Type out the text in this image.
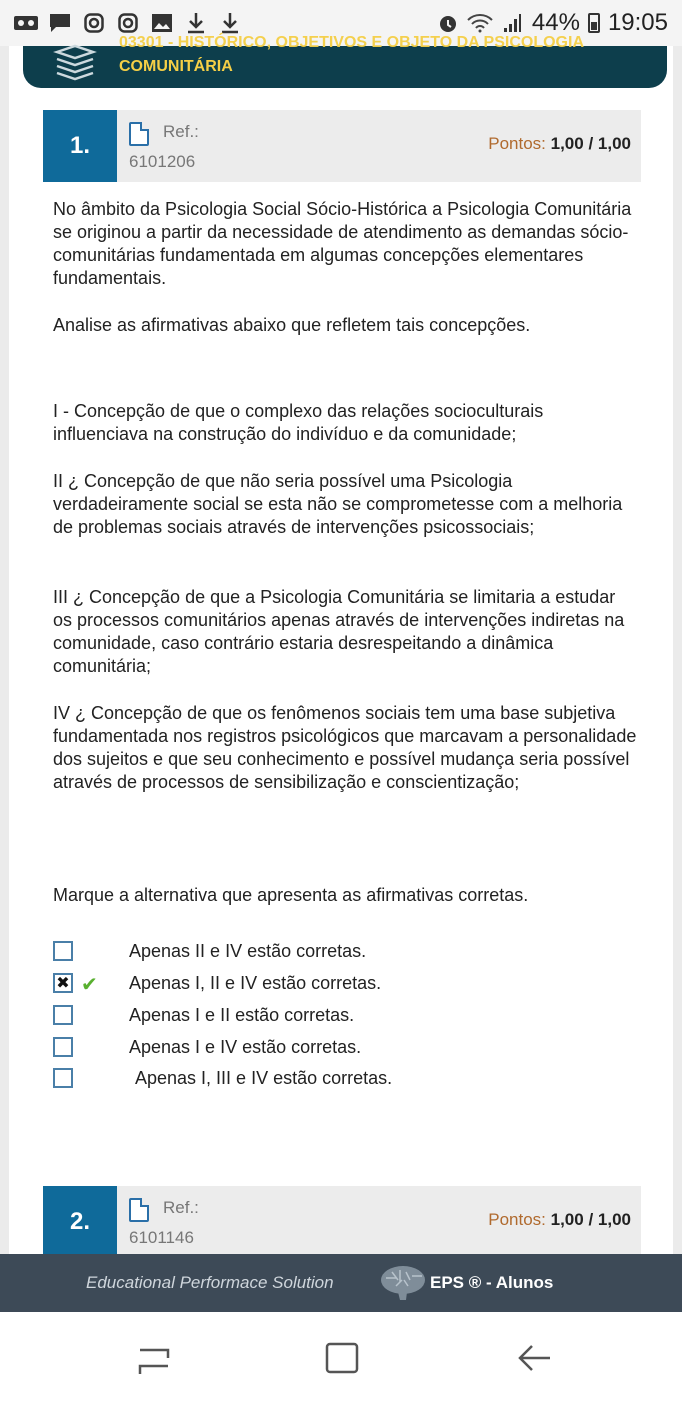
44% 19:05
03301 - HISTÓRICO, OBJETIVOS E OBJETO DA PSICOLOGIA
COMUNITÁRIA
1.
Ref.:
6101206
Pontos: 1,00 / 1,00

No âmbito da Psicologia Social Sócio-Histórica a Psicologia Comunitária se originou a partir da necessidade de atendimento as demandas sócio-comunitárias fundamentada em algumas concepções elementares fundamentais.

Analise as afirmativas abaixo que refletem tais concepções.

I - Concepção de que o complexo das relações socioculturais influenciava na construção do indivíduo e da comunidade;

II ¿ Concepção de que não seria possível uma Psicologia verdadeiramente social se esta não se comprometesse com a melhoria de problemas sociais através de intervenções psicossociais;

III ¿ Concepção de que a Psicologia Comunitária se limitaria a estudar os processos comunitários apenas através de intervenções indiretas na comunidade, caso contrário estaria desrespeitando a dinâmica comunitária;

IV ¿ Concepção de que os fenômenos sociais tem uma base subjetiva fundamentada nos registros psicológicos que marcavam a personalidade dos sujeitos e que seu conhecimento e possível mudança seria possível através de processos de sensibilização e conscientização;

Marque a alternativa que apresenta as afirmativas corretas.

Apenas II e IV estão corretas.
✖ ✔ Apenas I, II e IV estão corretas.
Apenas I e II estão corretas.
Apenas I e IV estão corretas.
Apenas I, III e IV estão corretas.
2.
Ref.:
6101146
Pontos: 1,00 / 1,00
Educational Performace Solution	EPS ® - Alunos
